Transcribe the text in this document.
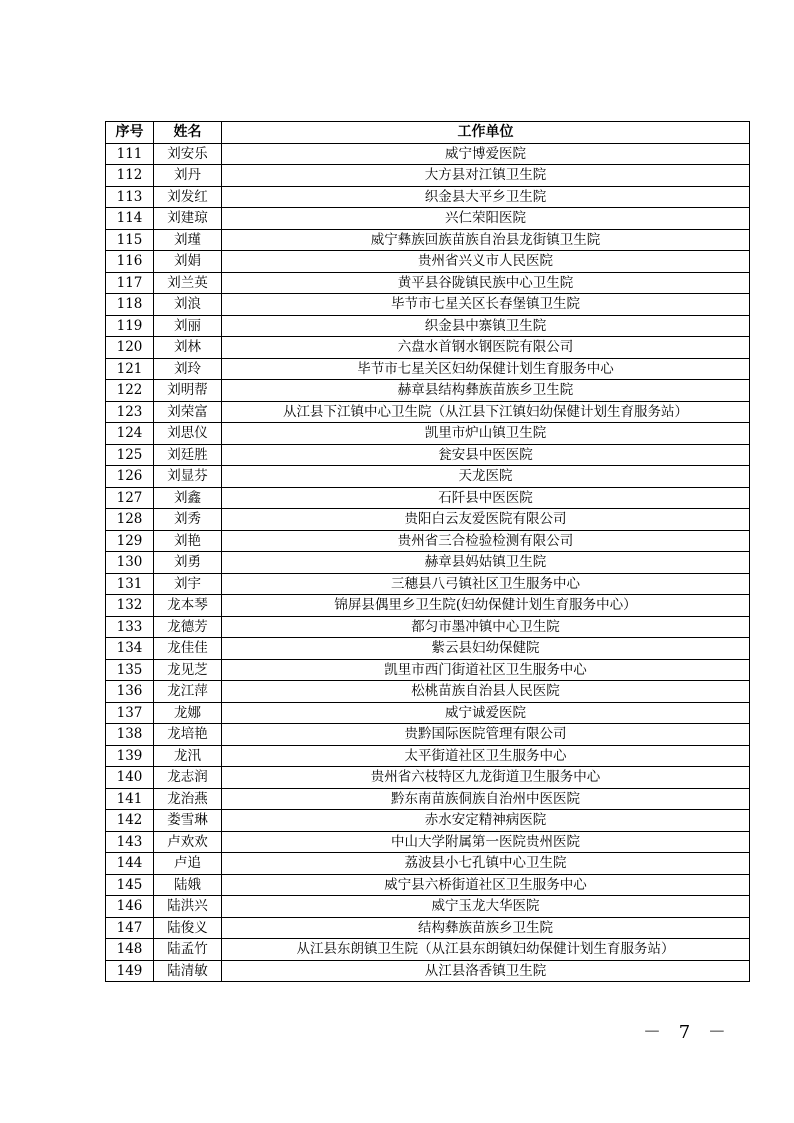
序号	姓名	工作单位
111	刘安乐	威宁博爱医院
112	刘丹	大方县对江镇卫生院
113	刘发红	织金县大平乡卫生院
114	刘建琼	兴仁荣阳医院
115	刘瑾	威宁彝族回族苗族自治县龙街镇卫生院
116	刘娟	贵州省兴义市人民医院
117	刘兰英	黄平县谷陇镇民族中心卫生院
118	刘浪	毕节市七星关区长春堡镇卫生院
119	刘丽	织金县中寨镇卫生院
120	刘林	六盘水首钢水钢医院有限公司
121	刘玲	毕节市七星关区妇幼保健计划生育服务中心
122	刘明帮	赫章县结构彝族苗族乡卫生院
123	刘荣富	从江县下江镇中心卫生院（从江县下江镇妇幼保健计划生育服务站）
124	刘思仪	凯里市炉山镇卫生院
125	刘廷胜	瓮安县中医医院
126	刘显芬	天龙医院
127	刘鑫	石阡县中医医院
128	刘秀	贵阳白云友爱医院有限公司
129	刘艳	贵州省三合检验检测有限公司
130	刘勇	赫章县妈姑镇卫生院
131	刘宇	三穗县八弓镇社区卫生服务中心
132	龙本琴	锦屏县偶里乡卫生院(妇幼保健计划生育服务中心）
133	龙德芳	都匀市墨冲镇中心卫生院
134	龙佳佳	紫云县妇幼保健院
135	龙见芝	凯里市西门街道社区卫生服务中心
136	龙江萍	松桃苗族自治县人民医院
137	龙娜	威宁诚爱医院
138	龙培艳	贵黔国际医院管理有限公司
139	龙汛	太平街道社区卫生服务中心
140	龙志润	贵州省六枝特区九龙街道卫生服务中心
141	龙治燕	黔东南苗族侗族自治州中医医院
142	娄雪琳	赤水安定精神病医院
143	卢欢欢	中山大学附属第一医院贵州医院
144	卢追	荔波县小七孔镇中心卫生院
145	陆娥	威宁县六桥街道社区卫生服务中心
146	陆洪兴	威宁玉龙大华医院
147	陆俊义	结构彝族苗族乡卫生院
148	陆孟竹	从江县东朗镇卫生院（从江县东朗镇妇幼保健计划生育服务站）
149	陆清敏	从江县洛香镇卫生院
－ 7 －
